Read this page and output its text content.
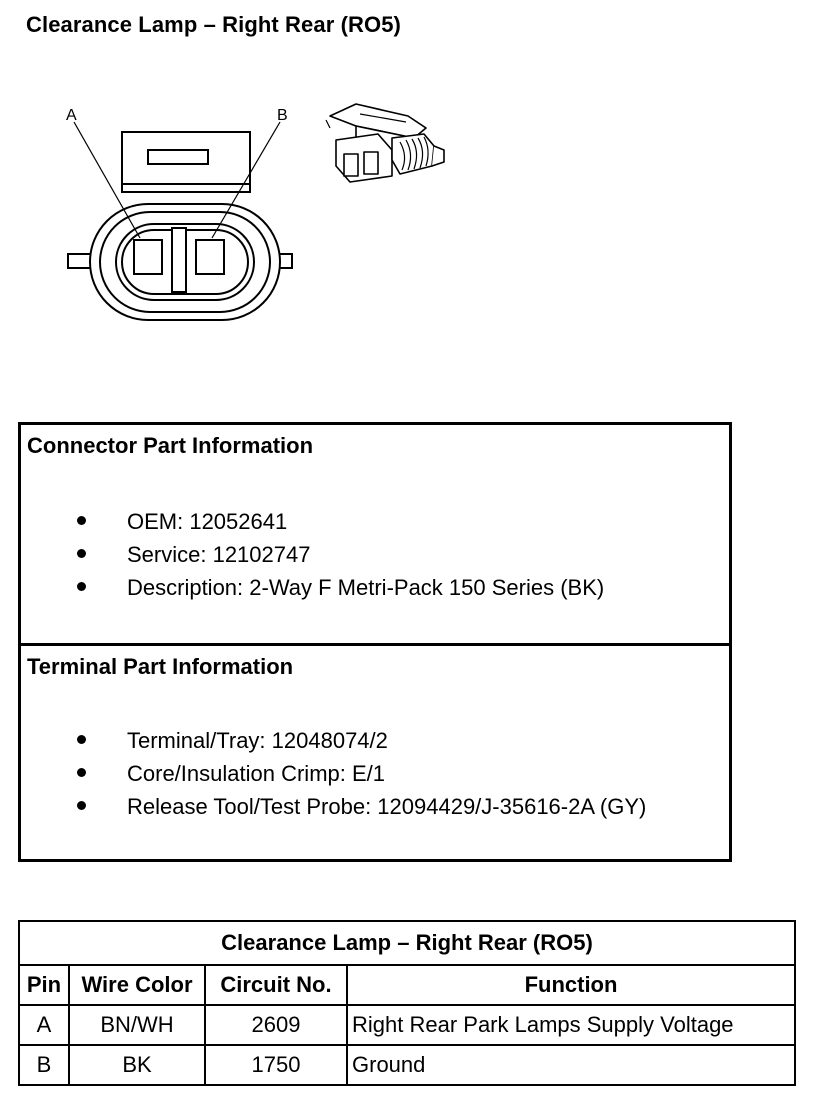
Clearance Lamp – Right Rear (RO5)
A	B
Connector Part Information
OEM: 12052641
Service: 12102747
Description: 2-Way F Metri-Pack 150 Series (BK)
Terminal Part Information
Terminal/Tray: 12048074/2
Core/Insulation Crimp: E/1
Release Tool/Test Probe: 12094429/J-35616-2A (GY)
Clearance Lamp – Right Rear (RO5)			
Pin	Wire Color	Circuit No.	Function
A	BN/WH	2609	Right Rear Park Lamps Supply Voltage
B	BK	1750	Ground
